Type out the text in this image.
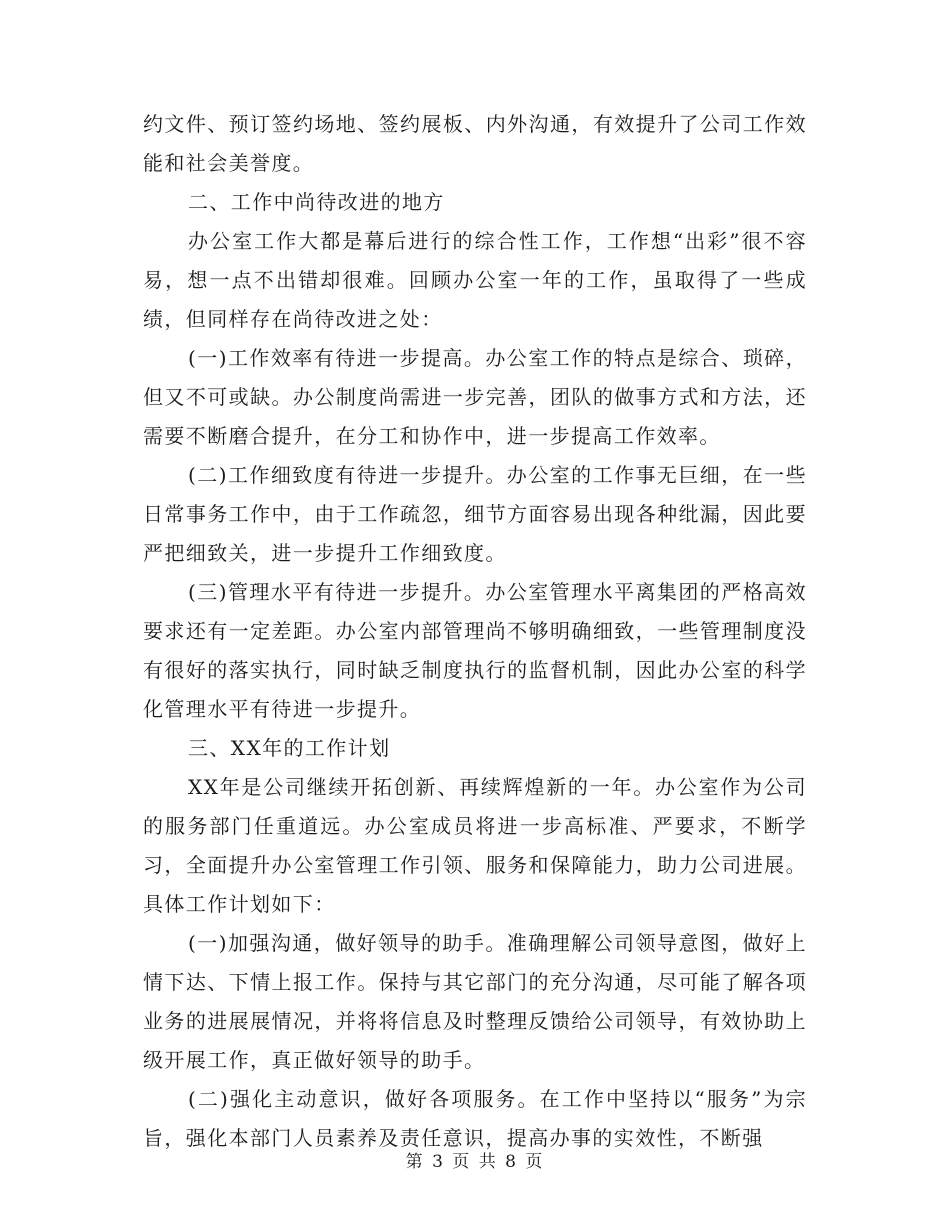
约文件、预订签约场地、签约展板、内外沟通，有效提升了公司工作效能和社会美誉度。

二、工作中尚待改进的地方

办公室工作大都是幕后进行的综合性工作，工作想“出彩”很不容易，想一点不出错却很难。回顾办公室一年的工作，虽取得了一些成绩，但同样存在尚待改进之处：

(一)工作效率有待进一步提高。办公室工作的特点是综合、琐碎，但又不可或缺。办公制度尚需进一步完善，团队的做事方式和方法，还需要不断磨合提升，在分工和协作中，进一步提高工作效率。

(二)工作细致度有待进一步提升。办公室的工作事无巨细，在一些日常事务工作中，由于工作疏忽，细节方面容易出现各种纰漏，因此要严把细致关，进一步提升工作细致度。

(三)管理水平有待进一步提升。办公室管理水平离集团的严格高效要求还有一定差距。办公室内部管理尚不够明确细致，一些管理制度没有很好的落实执行，同时缺乏制度执行的监督机制，因此办公室的科学化管理水平有待进一步提升。

三、XX年的工作计划

XX年是公司继续开拓创新、再续辉煌新的一年。办公室作为公司的服务部门任重道远。办公室成员将进一步高标准、严要求，不断学习，全面提升办公室管理工作引领、服务和保障能力，助力公司进展。具体工作计划如下：

(一)加强沟通，做好领导的助手。准确理解公司领导意图，做好上情下达、下情上报工作。保持与其它部门的充分沟通，尽可能了解各项业务的进展展情况，并将将信息及时整理反馈给公司领导，有效协助上级开展工作，真正做好领导的助手。

(二)强化主动意识，做好各项服务。在工作中坚持以“服务”为宗旨，强化本部门人员素养及责任意识，提高办事的实效性，不断强

第 3 页 共 8 页
